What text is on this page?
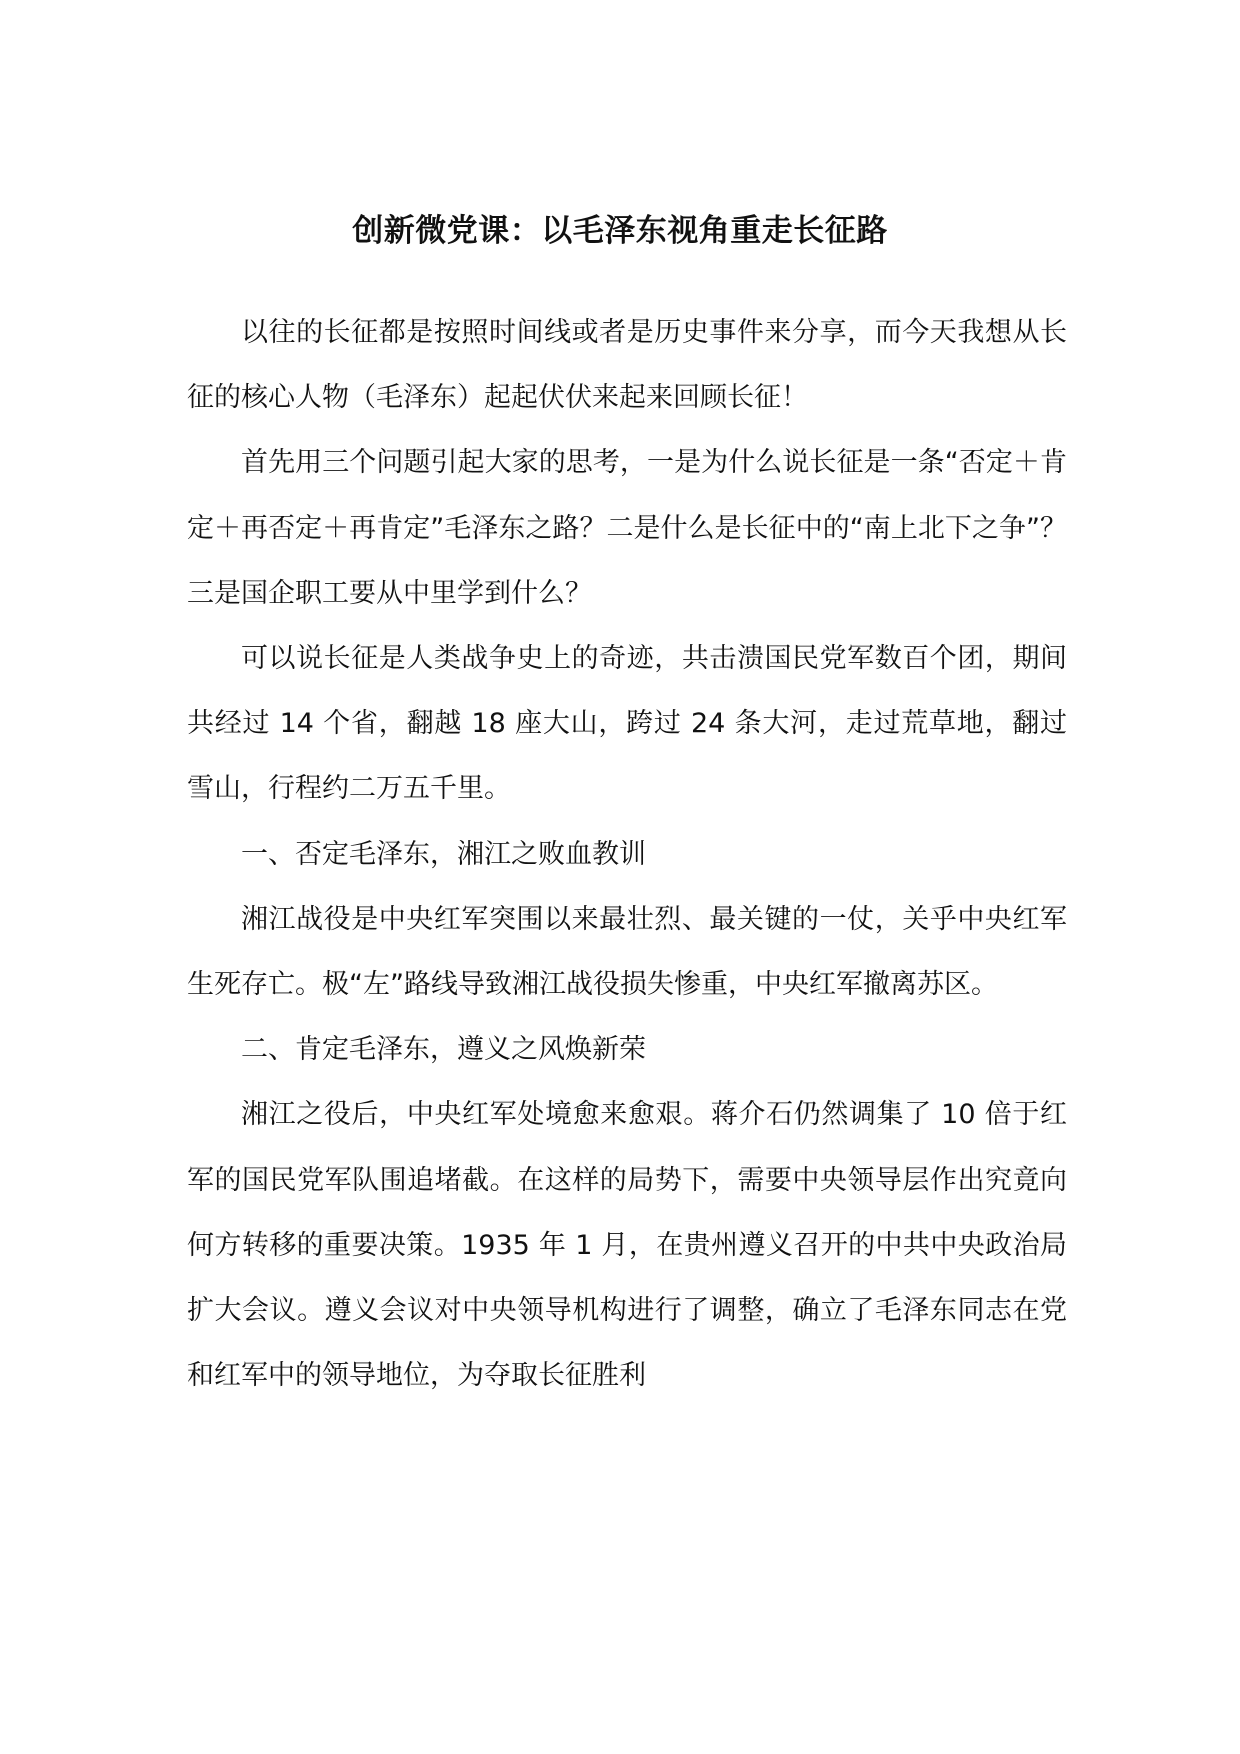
创新微党课：以毛泽东视角重走长征路

以往的长征都是按照时间线或者是历史事件来分享，而今天我想从长征的核心人物（毛泽东）起起伏伏来起来回顾长征！

首先用三个问题引起大家的思考，一是为什么说长征是一条“否定＋肯定＋再否定＋再肯定”毛泽东之路？二是什么是长征中的“南上北下之争”？三是国企职工要从中里学到什么？

可以说长征是人类战争史上的奇迹，共击溃国民党军数百个团，期间共经过 14 个省，翻越 18 座大山，跨过 24 条大河，走过荒草地，翻过雪山，行程约二万五千里。

一、否定毛泽东，湘江之败血教训

湘江战役是中央红军突围以来最壮烈、最关键的一仗，关乎中央红军生死存亡。极“左”路线导致湘江战役损失惨重，中央红军撤离苏区。

二、肯定毛泽东，遵义之风焕新荣

湘江之役后，中央红军处境愈来愈艰。蒋介石仍然调集了 10 倍于红军的国民党军队围追堵截。在这样的局势下，需要中央领导层作出究竟向何方转移的重要决策。1935 年 1 月，在贵州遵义召开的中共中央政治局扩大会议。遵义会议对中央领导机构进行了调整，确立了毛泽东同志在党和红军中的领导地位，为夺取长征胜利
